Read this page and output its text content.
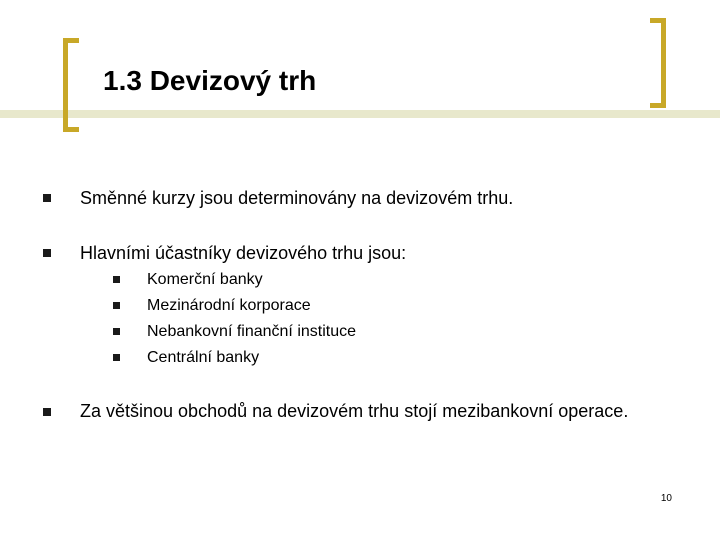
1.3 Devizový trh
Směnné kurzy jsou determinovány na devizovém trhu.
Hlavními účastníky devizového trhu jsou:
Komerční banky
Mezinárodní korporace
Nebankovní finanční instituce
Centrální banky
Za většinou obchodů na devizovém trhu stojí mezibankovní operace.
10
